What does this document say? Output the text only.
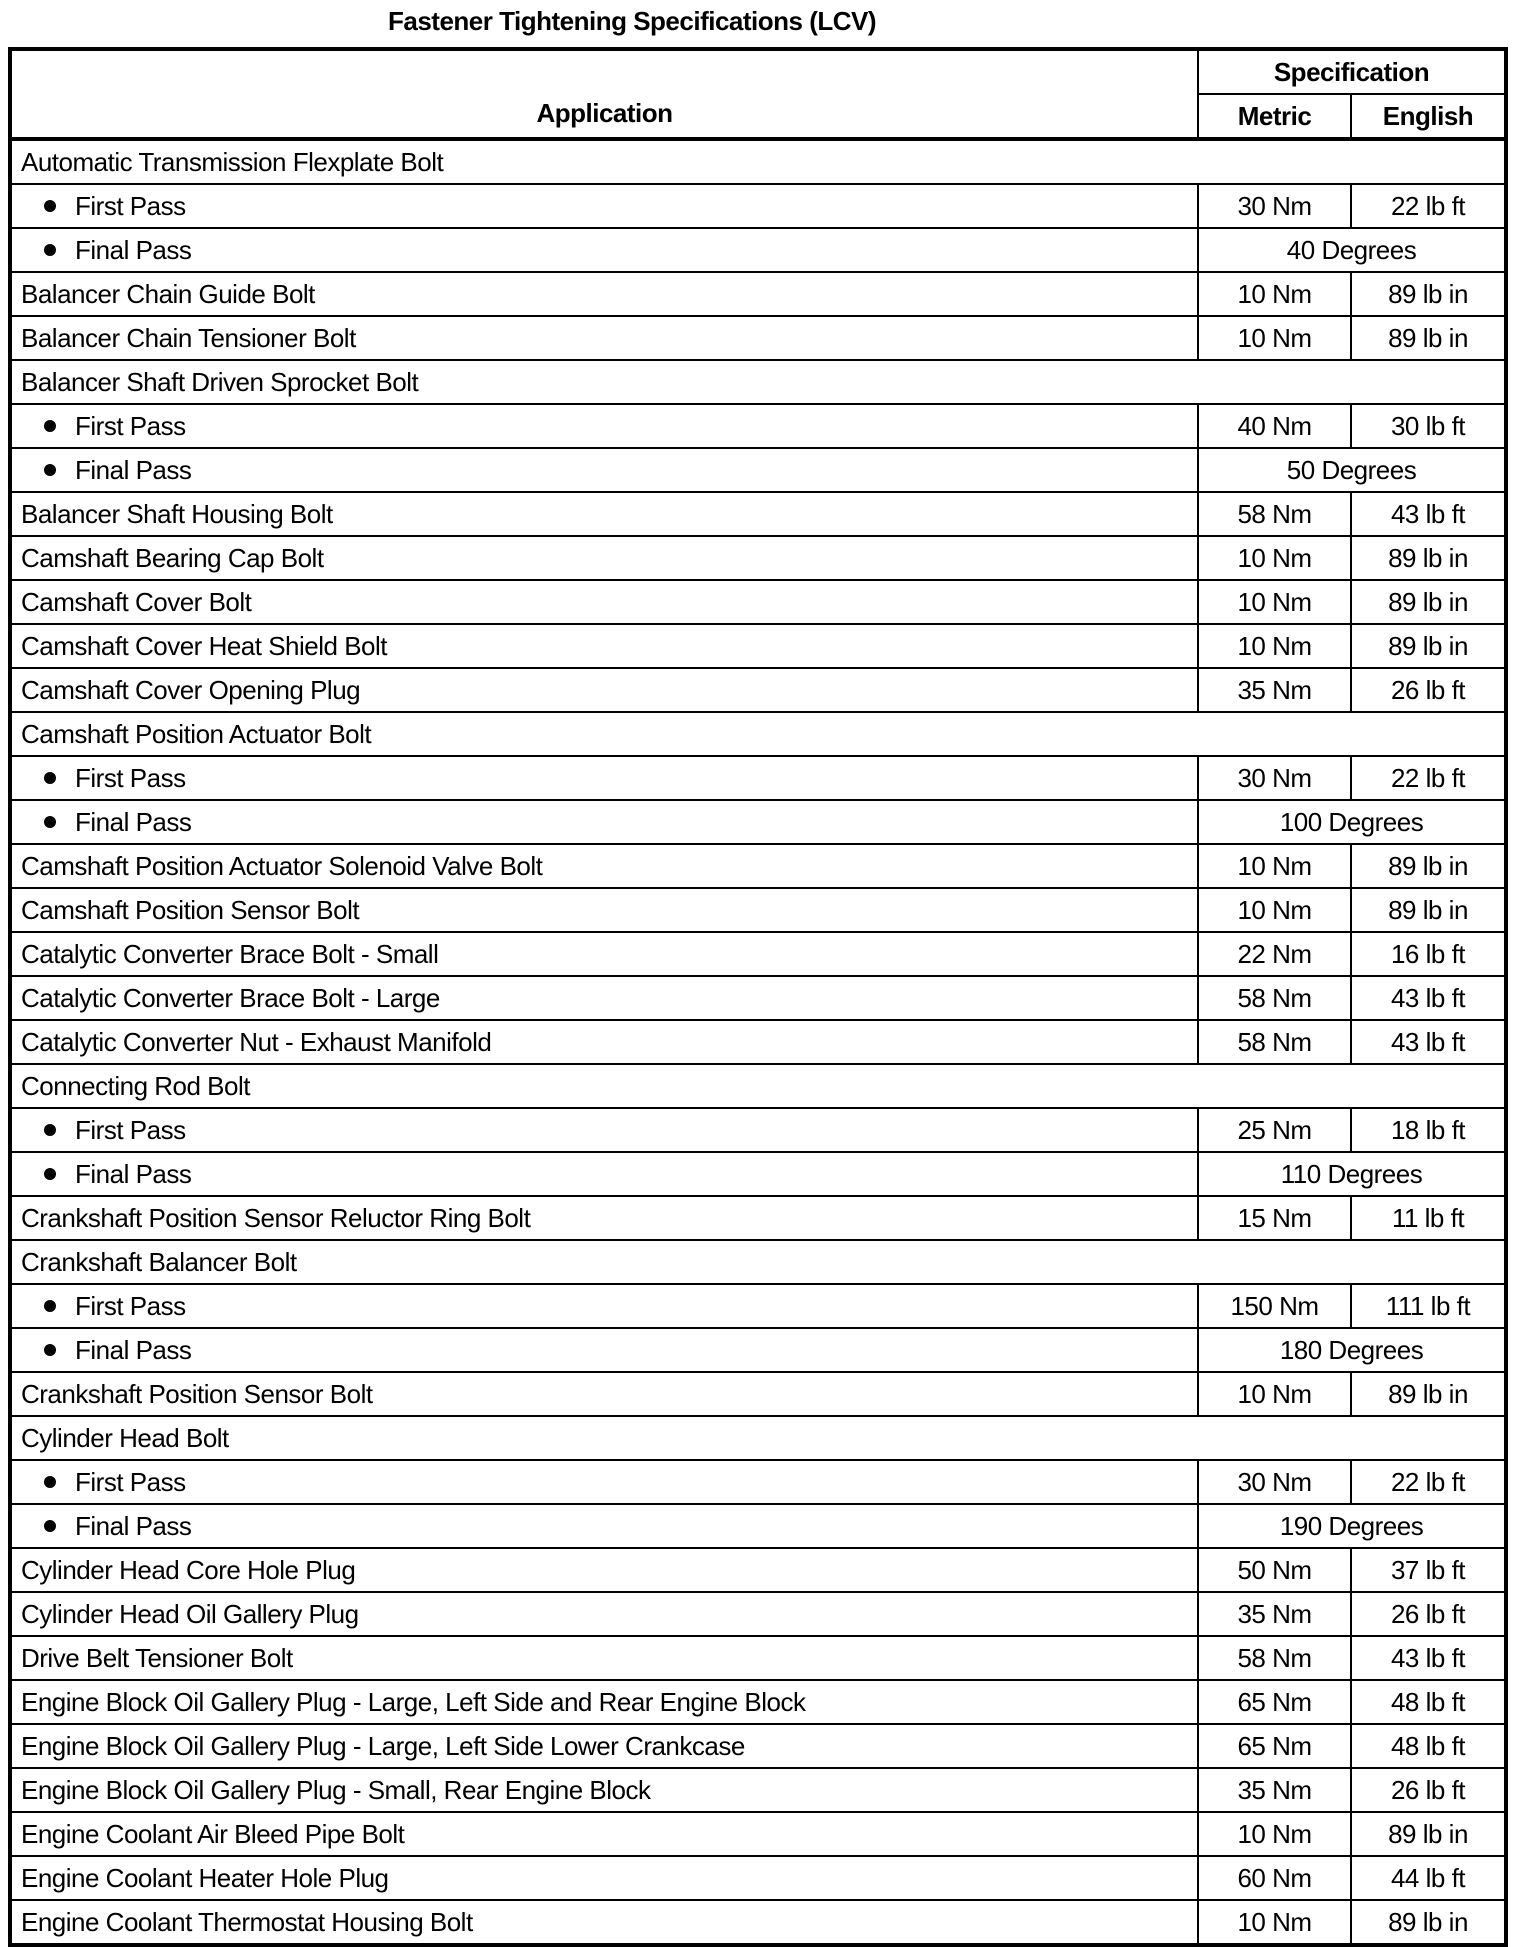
Fastener Tightening Specifications (LCV)
Application	Specification	
	Metric	English
Automatic Transmission Flexplate Bolt		
First Pass	30 Nm	22 lb ft
Final Pass	40 Degrees	
Balancer Chain Guide Bolt	10 Nm	89 lb in
Balancer Chain Tensioner Bolt	10 Nm	89 lb in
Balancer Shaft Driven Sprocket Bolt		
First Pass	40 Nm	30 lb ft
Final Pass	50 Degrees	
Balancer Shaft Housing Bolt	58 Nm	43 lb ft
Camshaft Bearing Cap Bolt	10 Nm	89 lb in
Camshaft Cover Bolt	10 Nm	89 lb in
Camshaft Cover Heat Shield Bolt	10 Nm	89 lb in
Camshaft Cover Opening Plug	35 Nm	26 lb ft
Camshaft Position Actuator Bolt		
First Pass	30 Nm	22 lb ft
Final Pass	100 Degrees	
Camshaft Position Actuator Solenoid Valve Bolt	10 Nm	89 lb in
Camshaft Position Sensor Bolt	10 Nm	89 lb in
Catalytic Converter Brace Bolt - Small	22 Nm	16 lb ft
Catalytic Converter Brace Bolt - Large	58 Nm	43 lb ft
Catalytic Converter Nut - Exhaust Manifold	58 Nm	43 lb ft
Connecting Rod Bolt		
First Pass	25 Nm	18 lb ft
Final Pass	110 Degrees	
Crankshaft Position Sensor Reluctor Ring Bolt	15 Nm	11 lb ft
Crankshaft Balancer Bolt		
First Pass	150 Nm	111 lb ft
Final Pass	180 Degrees	
Crankshaft Position Sensor Bolt	10 Nm	89 lb in
Cylinder Head Bolt		
First Pass	30 Nm	22 lb ft
Final Pass	190 Degrees	
Cylinder Head Core Hole Plug	50 Nm	37 lb ft
Cylinder Head Oil Gallery Plug	35 Nm	26 lb ft
Drive Belt Tensioner Bolt	58 Nm	43 lb ft
Engine Block Oil Gallery Plug - Large, Left Side and Rear Engine Block	65 Nm	48 lb ft
Engine Block Oil Gallery Plug - Large, Left Side Lower Crankcase	65 Nm	48 lb ft
Engine Block Oil Gallery Plug - Small, Rear Engine Block	35 Nm	26 lb ft
Engine Coolant Air Bleed Pipe Bolt	10 Nm	89 lb in
Engine Coolant Heater Hole Plug	60 Nm	44 lb ft
Engine Coolant Thermostat Housing Bolt	10 Nm	89 lb in
